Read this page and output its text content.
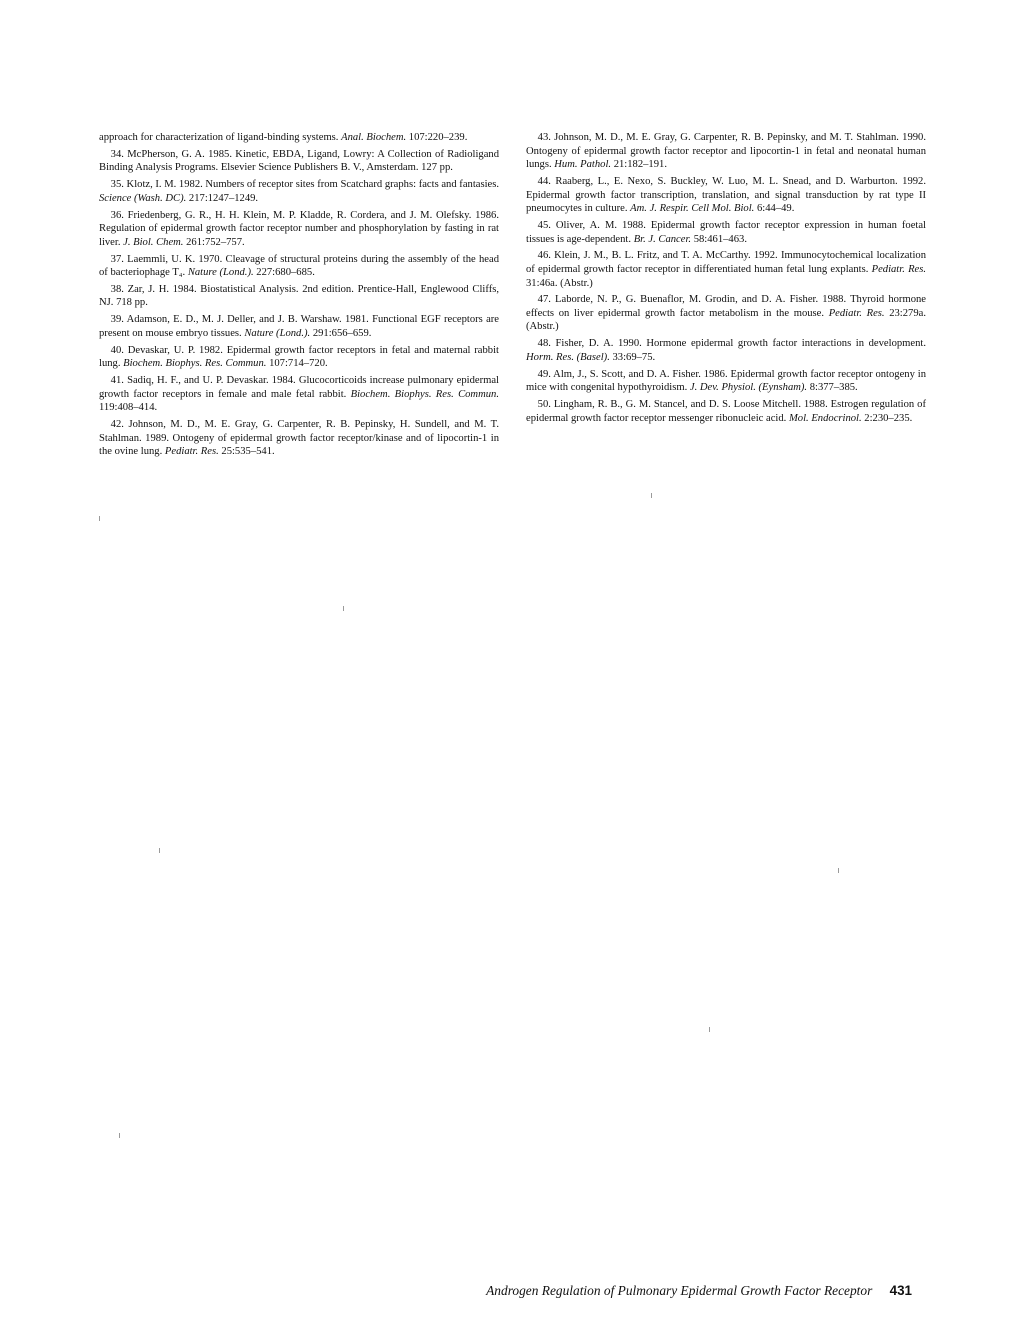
approach for characterization of ligand-binding systems. Anal. Biochem. 107:220–239.

34. McPherson, G. A. 1985. Kinetic, EBDA, Ligand, Lowry: A Collection of Radioligand Binding Analysis Programs. Elsevier Science Publishers B. V., Amsterdam. 127 pp.

35. Klotz, I. M. 1982. Numbers of receptor sites from Scatchard graphs: facts and fantasies. Science (Wash. DC). 217:1247–1249.

36. Friedenberg, G. R., H. H. Klein, M. P. Kladde, R. Cordera, and J. M. Olefsky. 1986. Regulation of epidermal growth factor receptor number and phosphorylation by fasting in rat liver. J. Biol. Chem. 261:752–757.

37. Laemmli, U. K. 1970. Cleavage of structural proteins during the assembly of the head of bacteriophage T₄. Nature (Lond.). 227:680–685.

38. Zar, J. H. 1984. Biostatistical Analysis. 2nd edition. Prentice-Hall, Englewood Cliffs, NJ. 718 pp.

39. Adamson, E. D., M. J. Deller, and J. B. Warshaw. 1981. Functional EGF receptors are present on mouse embryo tissues. Nature (Lond.). 291:656–659.

40. Devaskar, U. P. 1982. Epidermal growth factor receptors in fetal and maternal rabbit lung. Biochem. Biophys. Res. Commun. 107:714–720.

41. Sadiq, H. F., and U. P. Devaskar. 1984. Glucocorticoids increase pulmonary epidermal growth factor receptors in female and male fetal rabbit. Biochem. Biophys. Res. Commun. 119:408–414.

42. Johnson, M. D., M. E. Gray, G. Carpenter, R. B. Pepinsky, H. Sundell, and M. T. Stahlman. 1989. Ontogeny of epidermal growth factor receptor/kinase and of lipocortin-1 in the ovine lung. Pediatr. Res. 25:535–541.

43. Johnson, M. D., M. E. Gray, G. Carpenter, R. B. Pepinsky, and M. T. Stahlman. 1990. Ontogeny of epidermal growth factor receptor and lipocortin-1 in fetal and neonatal human lungs. Hum. Pathol. 21:182–191.

44. Raaberg, L., E. Nexo, S. Buckley, W. Luo, M. L. Snead, and D. Warburton. 1992. Epidermal growth factor transcription, translation, and signal transduction by rat type II pneumocytes in culture. Am. J. Respir. Cell Mol. Biol. 6:44–49.

45. Oliver, A. M. 1988. Epidermal growth factor receptor expression in human foetal tissues is age-dependent. Br. J. Cancer. 58:461–463.

46. Klein, J. M., B. L. Fritz, and T. A. McCarthy. 1992. Immunocytochemical localization of epidermal growth factor receptor in differentiated human fetal lung explants. Pediatr. Res. 31:46a. (Abstr.)

47. Laborde, N. P., G. Buenaflor, M. Grodin, and D. A. Fisher. 1988. Thyroid hormone effects on liver epidermal growth factor metabolism in the mouse. Pediatr. Res. 23:279a. (Abstr.)

48. Fisher, D. A. 1990. Hormone epidermal growth factor interactions in development. Horm. Res. (Basel). 33:69–75.

49. Alm, J., S. Scott, and D. A. Fisher. 1986. Epidermal growth factor receptor ontogeny in mice with congenital hypothyroidism. J. Dev. Physiol. (Eynsham). 8:377–385.

50. Lingham, R. B., G. M. Stancel, and D. S. Loose Mitchell. 1988. Estrogen regulation of epidermal growth factor receptor messenger ribonucleic acid. Mol. Endocrinol. 2:230–235.

Androgen Regulation of Pulmonary Epidermal Growth Factor Receptor 431
